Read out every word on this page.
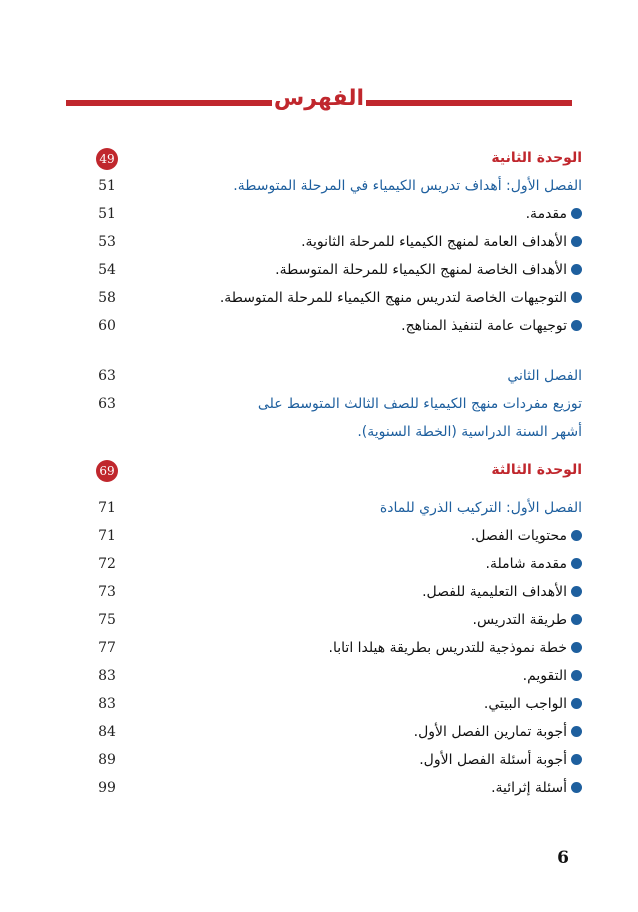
الفهرس
الوحدة الثانية
49
الفصل الأول: أهداف تدريس الكيمياء في المرحلة المتوسطة.
51
مقدمة.
51
الأهداف العامة لمنهج الكيمياء للمرحلة الثانوية.
53
الأهداف الخاصة لمنهج الكيمياء للمرحلة المتوسطة.
54
التوجيهات الخاصة لتدريس منهج الكيمياء للمرحلة المتوسطة.
58
توجيهات عامة لتنفيذ المناهج.
60
الفصل الثاني
63
توزيع مفردات منهج الكيمياء للصف الثالث المتوسط على
63
أشهر السنة الدراسية (الخطة السنوية).
الوحدة الثالثة
69
الفصل الأول: التركيب الذري للمادة
71
محتويات الفصل.
71
مقدمة شاملة.
72
الأهداف التعليمية للفصل.
73
طريقة التدريس.
75
خطة نموذجية للتدريس بطريقة هيلدا اتابا.
77
التقويم.
83
الواجب البيتي.
83
أجوبة تمارين الفصل الأول.
84
أجوبة أسئلة الفصل الأول.
89
أسئلة إثرائية.
99
6
